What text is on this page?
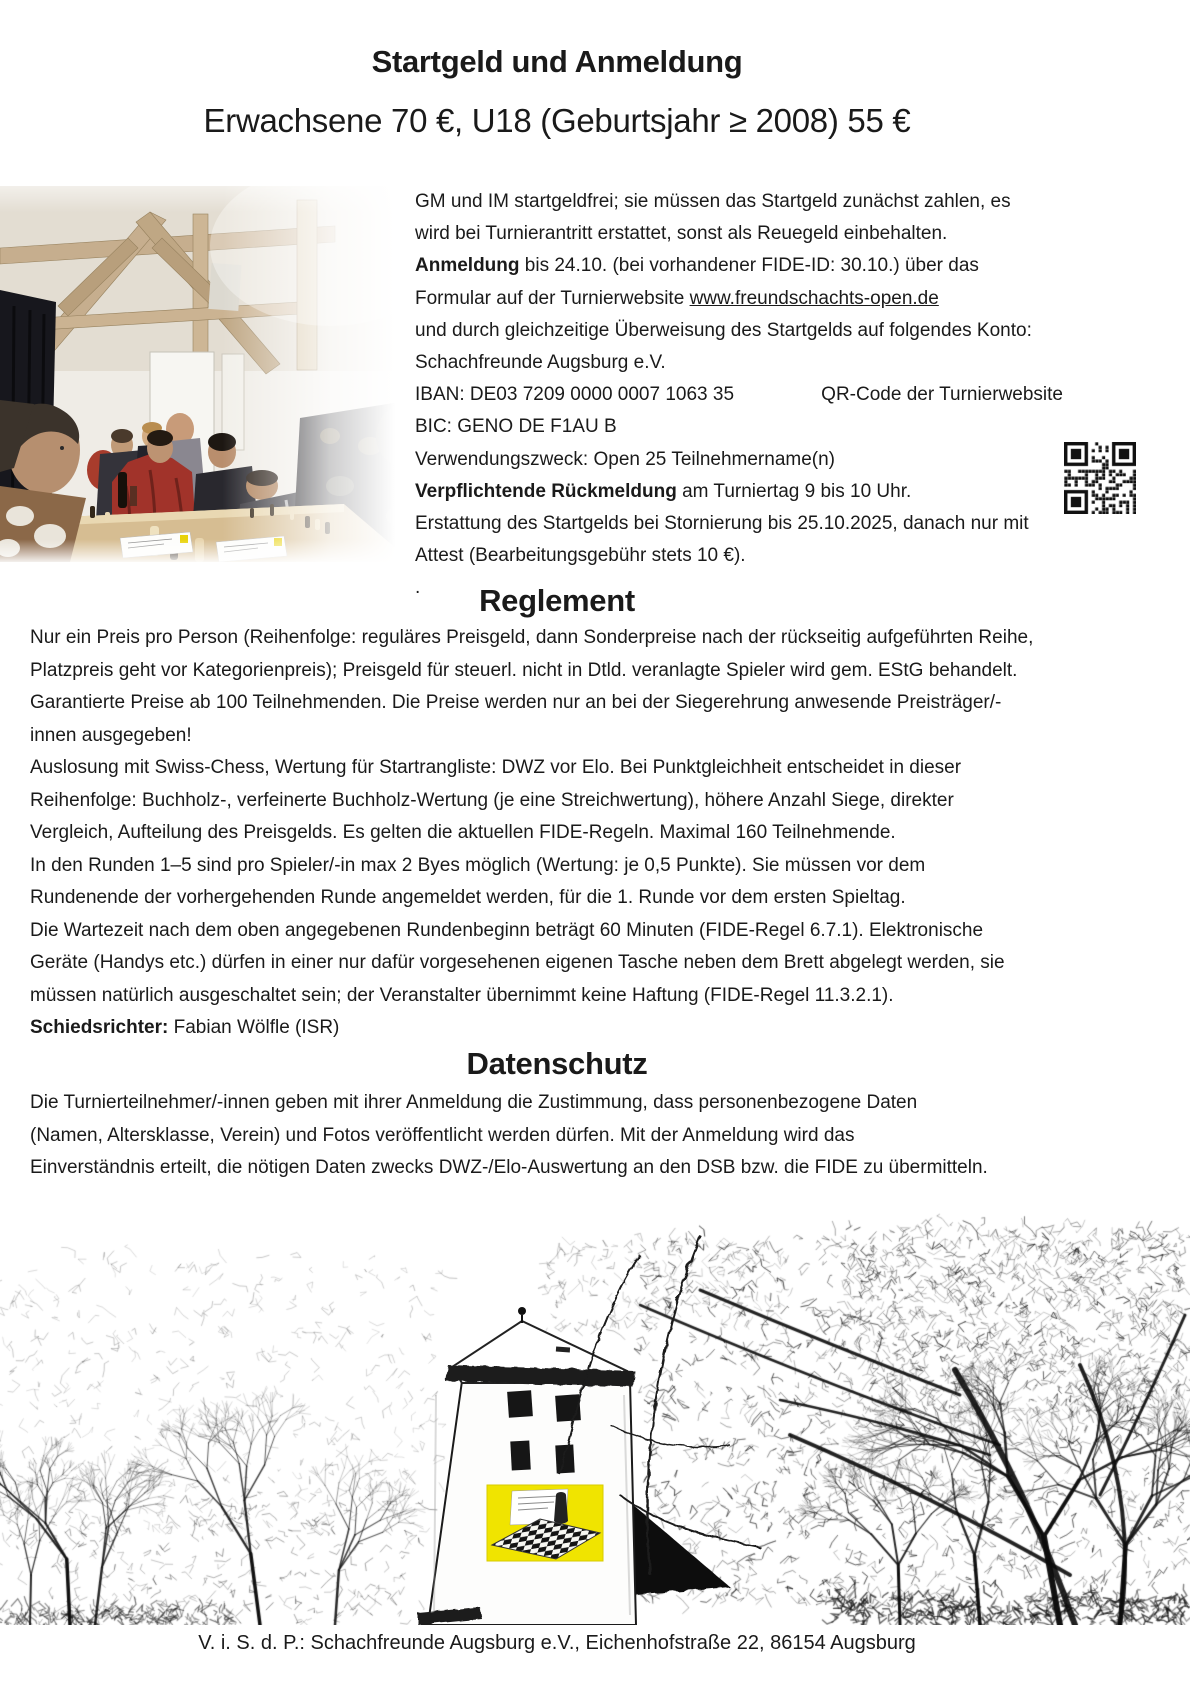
Startgeld und Anmeldung
Erwachsene 70 €, U18 (Geburtsjahr ≥ 2008) 55 €
GM und IM startgeldfrei; sie müssen das Startgeld zunächst zahlen, es
wird bei Turnierantritt erstattet, sonst als Reuegeld einbehalten.
Anmeldung bis 24.10. (bei vorhandener FIDE-ID: 30.10.) über das
Formular auf der Turnierwebsite www.freundschachts-open.de
und durch gleichzeitige Überweisung des Startgelds auf folgendes Konto:
Schachfreunde Augsburg e.V.
IBAN: DE03 7209 0000 0007 1063 35	QR-Code der Turnierwebsite
BIC: GENO DE F1AU B
Verwendungszweck: Open 25 Teilnehmername(n)
Verpflichtende Rückmeldung am Turniertag 9 bis 10 Uhr.
Erstattung des Startgelds bei Stornierung bis 25.10.2025, danach nur mit
Attest (Bearbeitungsgebühr stets 10 €).
.	Reglement
Nur ein Preis pro Person (Reihenfolge: reguläres Preisgeld, dann Sonderpreise nach der rückseitig aufgeführten Reihe,
Platzpreis geht vor Kategorienpreis); Preisgeld für steuerl. nicht in Dtld. veranlagte Spieler wird gem. EStG behandelt.
Garantierte Preise ab 100 Teilnehmenden. Die Preise werden nur an bei der Siegerehrung anwesende Preisträger/-
innen ausgegeben!
Auslosung mit Swiss-Chess, Wertung für Startrangliste: DWZ vor Elo. Bei Punktgleichheit entscheidet in dieser
Reihenfolge: Buchholz-, verfeinerte Buchholz-Wertung (je eine Streichwertung), höhere Anzahl Siege, direkter
Vergleich, Aufteilung des Preisgelds. Es gelten die aktuellen FIDE-Regeln. Maximal 160 Teilnehmende.
In den Runden 1–5 sind pro Spieler/-in max 2 Byes möglich (Wertung: je 0,5 Punkte). Sie müssen vor dem
Rundenende der vorhergehenden Runde angemeldet werden, für die 1. Runde vor dem ersten Spieltag.
Die Wartezeit nach dem oben angegebenen Rundenbeginn beträgt 60 Minuten (FIDE-Regel 6.7.1). Elektronische
Geräte (Handys etc.) dürfen in einer nur dafür vorgesehenen eigenen Tasche neben dem Brett abgelegt werden, sie
müssen natürlich ausgeschaltet sein; der Veranstalter übernimmt keine Haftung (FIDE-Regel 11.3.2.1).
Schiedsrichter: Fabian Wölfle (ISR)
Datenschutz
Die Turnierteilnehmer/-innen geben mit ihrer Anmeldung die Zustimmung, dass personenbezogene Daten
(Namen, Altersklasse, Verein) und Fotos veröffentlicht werden dürfen. Mit der Anmeldung wird das
Einverständnis erteilt, die nötigen Daten zwecks DWZ-/Elo-Auswertung an den DSB bzw. die FIDE zu übermitteln.
V. i. S. d. P.: Schachfreunde Augsburg e.V., Eichenhofstraße 22, 86154 Augsburg
